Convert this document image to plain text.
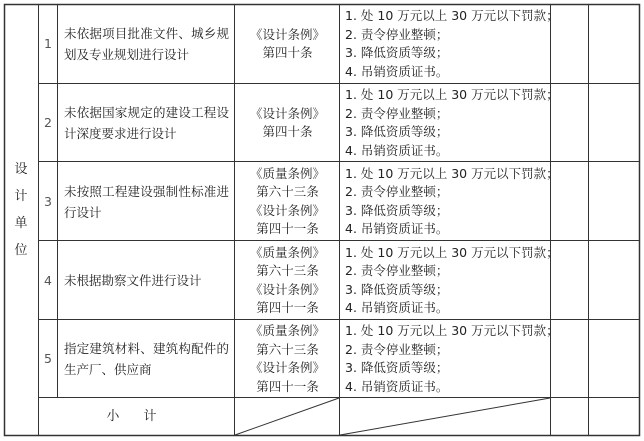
设
计
单
位
1
未依据项目批准文件、城乡规划及专业规划进行设计
《设计条例》
第四十条
1. 处 10 万元以上 30 万元以下罚款；
2. 责令停业整顿；
3. 降低资质等级；
4. 吊销资质证书。
2
未依据国家规定的建设工程设计深度要求进行设计
《设计条例》
第四十条
1. 处 10 万元以上 30 万元以下罚款；
2. 责令停业整顿；
3. 降低资质等级；
4. 吊销资质证书。
3
未按照工程建设强制性标准进行设计
《质量条例》
第六十三条
《设计条例》
第四十一条
1. 处 10 万元以上 30 万元以下罚款；
2. 责令停业整顿；
3. 降低资质等级；
4. 吊销资质证书。
4 未根据勘察文件进行设计
《质量条例》
第六十三条
《设计条例》
第四十一条
1. 处 10 万元以上 30 万元以下罚款；
2. 责令停业整顿；
3. 降低资质等级；
4. 吊销资质证书。
5
指定建筑材料、建筑构配件的生产厂、供应商
《质量条例》
第六十三条
《设计条例》
第四十一条
1. 处 10 万元以上 30 万元以下罚款；
2. 责令停业整顿；
3. 降低资质等级；
4. 吊销资质证书。
小 计
